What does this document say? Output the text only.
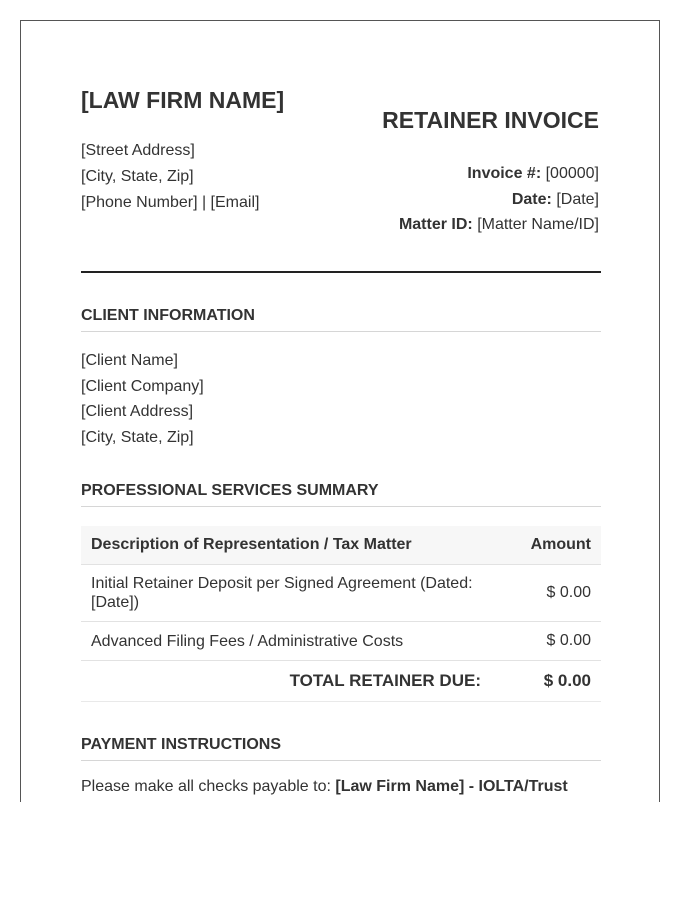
[LAW FIRM NAME]
[Street Address]
[City, State, Zip]
[Phone Number] | [Email]
RETAINER INVOICE
Invoice #: [00000]
Date: [Date]
Matter ID: [Matter Name/ID]
CLIENT INFORMATION
[Client Name]
[Client Company]
[Client Address]
[City, State, Zip]
PROFESSIONAL SERVICES SUMMARY
Description of Representation / Tax Matter	Amount
Initial Retainer Deposit per Signed Agreement (Dated: [Date])	$ 0.00
Advanced Filing Fees / Administrative Costs	$ 0.00
TOTAL RETAINER DUE:	$ 0.00
PAYMENT INSTRUCTIONS
Please make all checks payable to: [Law Firm Name] - IOLTA/Trust
